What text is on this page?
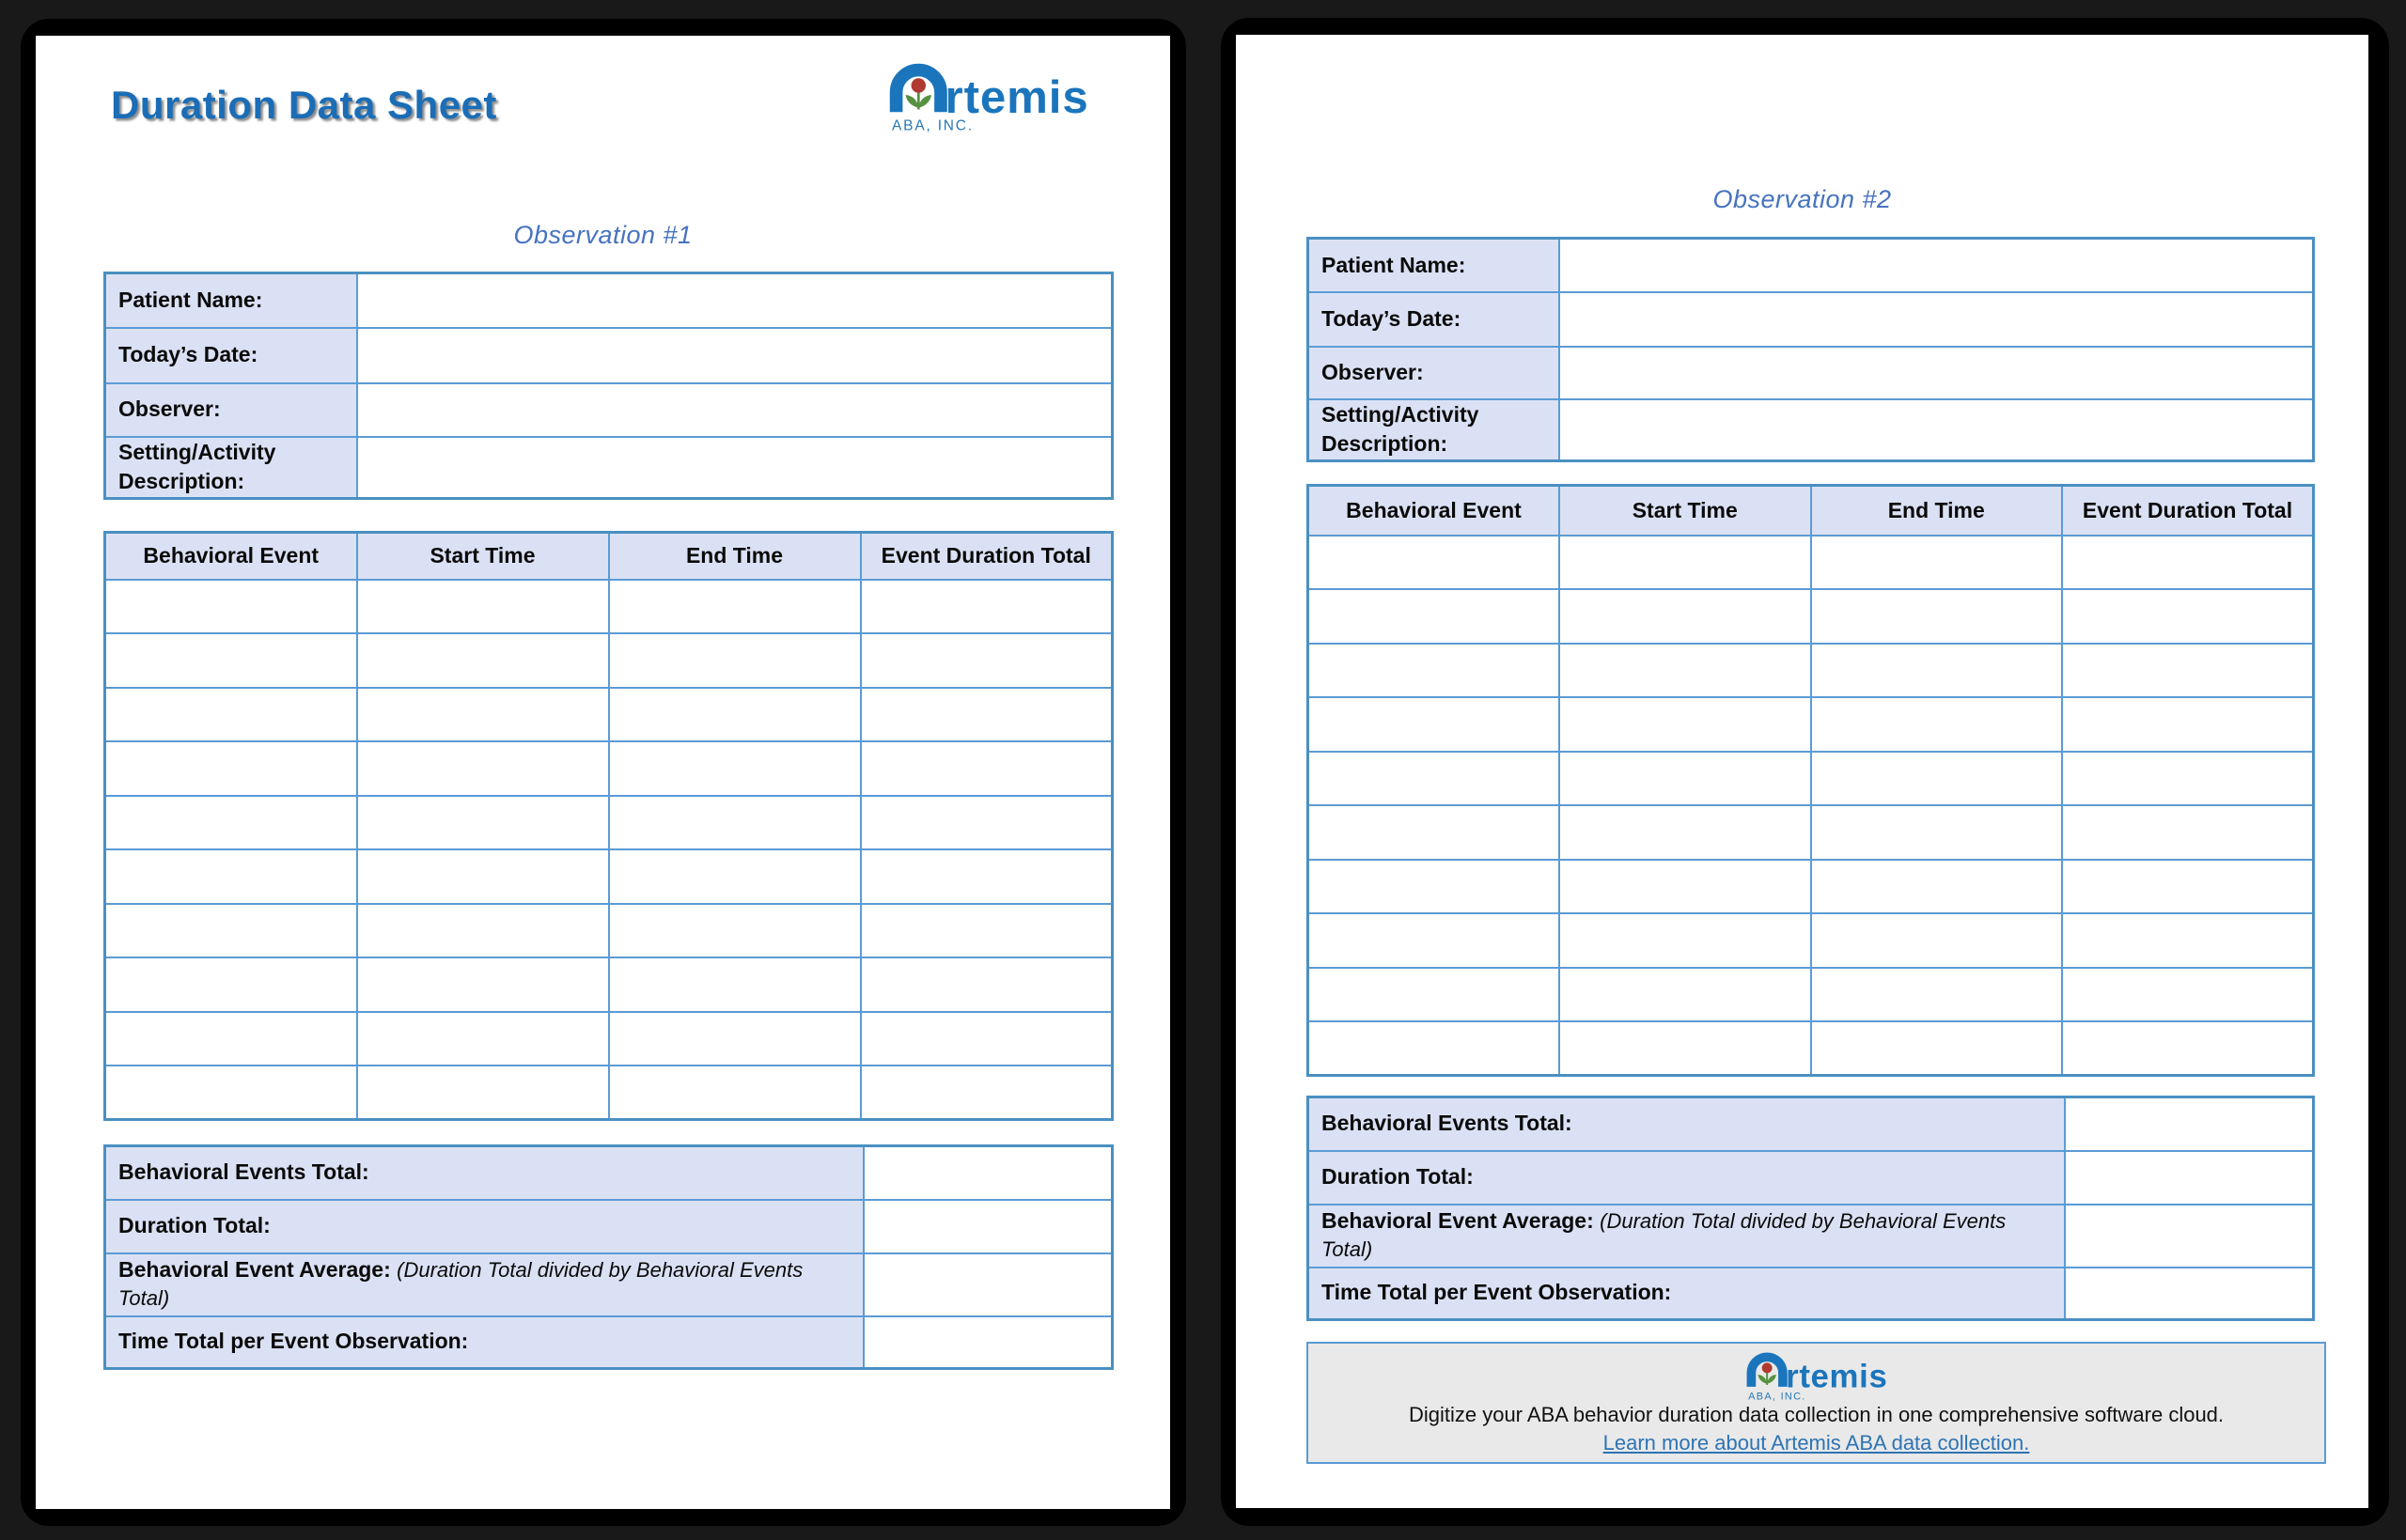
Duration Data Sheet	rtemis
ABA, INC.
Observation #1
Patient Name:	
Today’s Date:	
Observer:	
Setting/Activity Description:	
Behavioral Event	Start Time	End Time	Event Duration Total

Behavioral Events Total:	
Duration Total:	
Behavioral Event Average: (Duration Total divided by Behavioral Events Total)	
Time Total per Event Observation:	
Observation #2
Patient Name:	
Today’s Date:	
Observer:	
Setting/Activity Description:	
Behavioral Event	Start Time	End Time	Event Duration Total

Behavioral Events Total:	
Duration Total:	
Behavioral Event Average: (Duration Total divided by Behavioral Events Total)	
Time Total per Event Observation:	
rtemis
ABA, INC.
Digitize your ABA behavior duration data collection in one comprehensive software cloud.
Learn more about Artemis ABA data collection.
